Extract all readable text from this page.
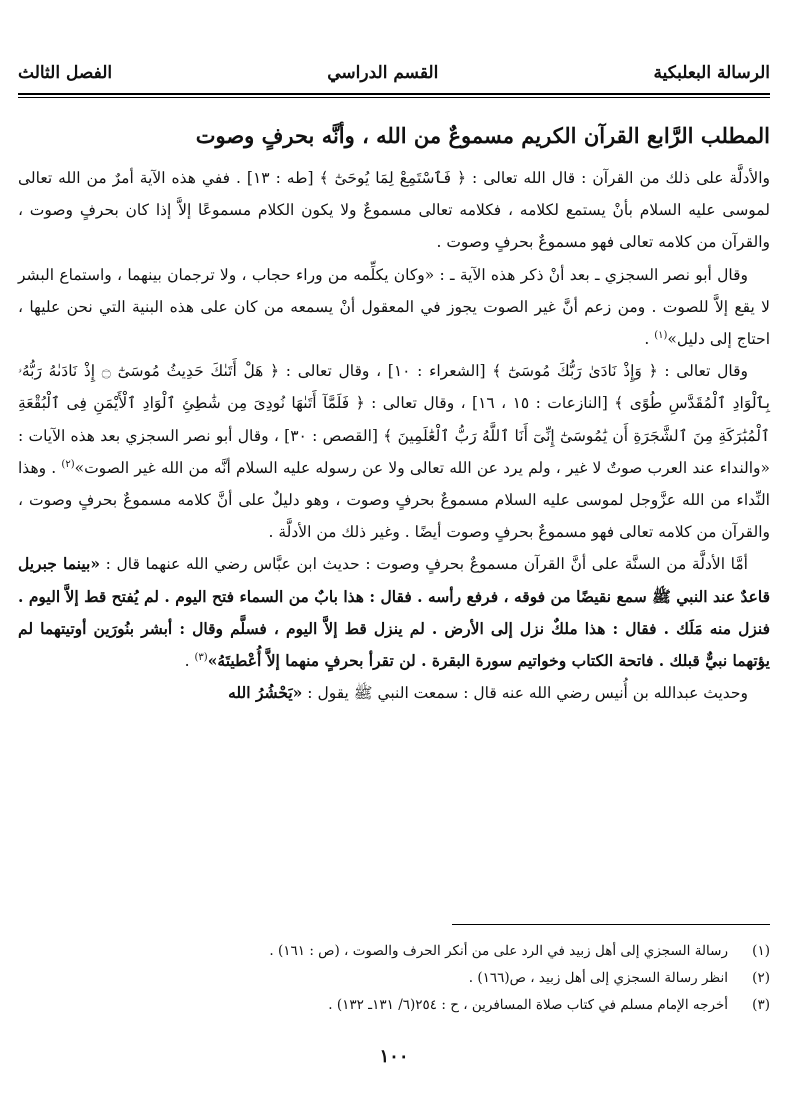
الرسالة البعلبكية
القسم الدراسي
الفصل الثالث
المطلب الرَّابع القرآن الكريم مسموعٌ من الله ، وأنَّه بحرفٍ وصوت

والأدلَّة على ذلك من القرآن : قال الله تعالى : ﴿ فَٱسْتَمِعْ لِمَا يُوحَىٰٓ ﴾ [طه : ١٣] . ففي هذه الآية أمرٌ من الله تعالى لموسى عليه السلام بأنْ يستمع لكلامه ، فكلامه تعالى مسموعٌ ولا يكون الكلام مسموعًا إلاَّ إذا كان بحرفٍ وصوت ، والقرآن من كلامه تعالى فهو مسموعٌ بحرفٍ وصوت .

وقال أبو نصر السجزي ـ بعد أنْ ذكر هذه الآية ـ : «وكان يكلِّمه من وراء حجاب ، ولا ترجمان بينهما ، واستماع البشر لا يقع إلاَّ للصوت . ومن زعم أنَّ غير الصوت يجوز في المعقول أنْ يسمعه من كان على هذه البنية التي نحن عليها ، احتاج إلى دليل»$^{(١)}$ .

وقال تعالى : ﴿ وَإِذْ نَادَىٰ رَبُّكَ مُوسَىٰٓ ﴾ [الشعراء : ١٠] ، وقال تعالى : ﴿ هَلْ أَتَىٰكَ حَدِيثُ مُوسَىٰٓ ۝ إِذْ نَادَىٰهُ رَبُّهُۥ بِٱلْوَادِ ٱلْمُقَدَّسِ طُوًى ﴾ [النازعات : ١٥ ، ١٦] ، وقال تعالى : ﴿ فَلَمَّآ أَتَىٰهَا نُودِىَ مِن شَٰطِئِ ٱلْوَادِ ٱلْأَيْمَنِ فِى ٱلْبُقْعَةِ ٱلْمُبَٰرَكَةِ مِنَ ٱلشَّجَرَةِ أَن يَٰمُوسَىٰٓ إِنِّىٓ أَنَا ٱللَّهُ رَبُّ ٱلْعَٰلَمِينَ ﴾ [القصص : ٣٠] ، وقال أبو نصر السجزي بعد هذه الآيات : «والنداء عند العرب صوتٌ لا غير ، ولم يرد عن الله تعالى ولا عن رسوله عليه السلام أنَّه من الله غير الصوت»$^{(٢)}$ . وهذا النِّداء من الله عزَّوجل لموسى عليه السلام مسموعٌ بحرفٍ وصوت ، وهو دليلٌ على أنَّ كلامه مسموعٌ بحرفٍ وصوت ، والقرآن من كلامه تعالى فهو مسموعٌ بحرفٍ وصوت أيضًا . وغير ذلك من الأدلَّة .

أمَّا الأدلَّة من السنَّة على أنَّ القرآن مسموعٌ بحرفٍ وصوت : حديث ابن عبَّاس رضي الله عنهما قال : «بينما جبريل قاعدٌ عند النبي ﷺ سمع نقيضًا من فوقه ، فرفع رأسه . فقال : هذا بابٌ من السماء فتح اليوم . لم يُفتح قط إلاَّ اليوم . فنزل منه مَلَك . فقال : هذا ملكٌ نزل إلى الأرض . لم ينزل قط إلاَّ اليوم ، فسلَّم وقال : أبشر بنُورَين أوتيتهما لم يؤتهما نبيٌّ قبلك . فاتحة الكتاب وخواتيم سورة البقرة . لن تقرأ بحرفٍ منهما إلاَّ أُعْطيتَهُ»$^{(٣)}$ .

وحديث عبدالله بن أُنيس رضي الله عنه قال : سمعت النبي ﷺ يقول : «يَحْشُرُ الله

(١)
رسالة السجزي إلى أهل زبيد في الرد على من أنكر الحرف والصوت ، (ص : ١٦١) .
(٢)
انظر رسالة السجزي إلى أهل زبيد ، ص(١٦٦) .
(٣)
أخرجه الإمام مسلم في كتاب صلاة المسافرين ، ح : ٢٥٤(٦/ ١٣١ـ ١٣٢) .
١٠٠
